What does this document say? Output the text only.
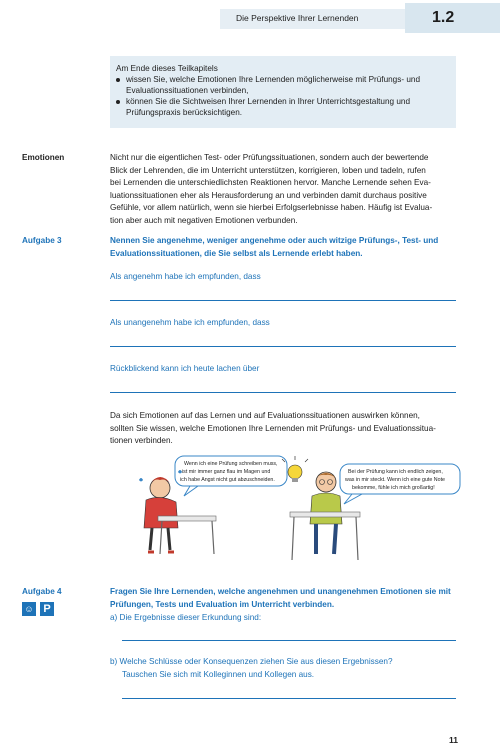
Die Perspektive Ihrer Lernenden	1.2
Am Ende dieses Teilkapitels
wissen Sie, welche Emotionen Ihre Lernenden möglicherweise mit Prüfungs- und
Evaluationssituationen verbinden,
können Sie die Sichtweisen Ihrer Lernenden in Ihrer Unterrichtsgestaltung und
Prüfungspraxis berücksichtigen.
Emotionen	Nicht nur die eigentlichen Test- oder Prüfungssituationen, sondern auch der bewertende
Blick der Lehrenden, die im Unterricht unterstützen, korrigieren, loben und tadeln, rufen
bei Lernenden die unterschiedlichsten Reaktionen hervor. Manche Lernende sehen Eva-
luationssituationen eher als Herausforderung an und verbinden damit durchaus positive
Gefühle, vor allem natürlich, wenn sie hierbei Erfolgserlebnisse haben. Häufig ist Evalua-
tion aber auch mit negativen Emotionen verbunden.
Aufgabe 3	Nennen Sie angenehme, weniger angenehme oder auch witzige Prüfungs-, Test- und
Evaluationssituationen, die Sie selbst als Lernende erlebt haben.
Als angenehm habe ich empfunden, dass
Als unangenehm habe ich empfunden, dass
Rückblickend kann ich heute lachen über
Da sich Emotionen auf das Lernen und auf Evaluationssituationen auswirken können,
sollten Sie wissen, welche Emotionen Ihre Lernenden mit Prüfungs- und Evaluationssitua-
tionen verbinden.
Wenn ich eine Prüfung schreiben muss,
ist mir immer ganz flau im Magen und
ich habe Angst nicht gut abzuschneiden.
Bei der Prüfung kann ich endlich zeigen,
was in mir steckt. Wenn ich eine gute Note
bekomme, fühle ich mich großartig!
Aufgabe 4
☺ P
Fragen Sie Ihre Lernenden, welche angenehmen und unangenehmen Emotionen sie mit
Prüfungen, Tests und Evaluation im Unterricht verbinden.
a) Die Ergebnisse dieser Erkundung sind:
b) Welche Schlüsse oder Konsequenzen ziehen Sie aus diesen Ergebnissen?
Tauschen Sie sich mit Kolleginnen und Kollegen aus.
11
